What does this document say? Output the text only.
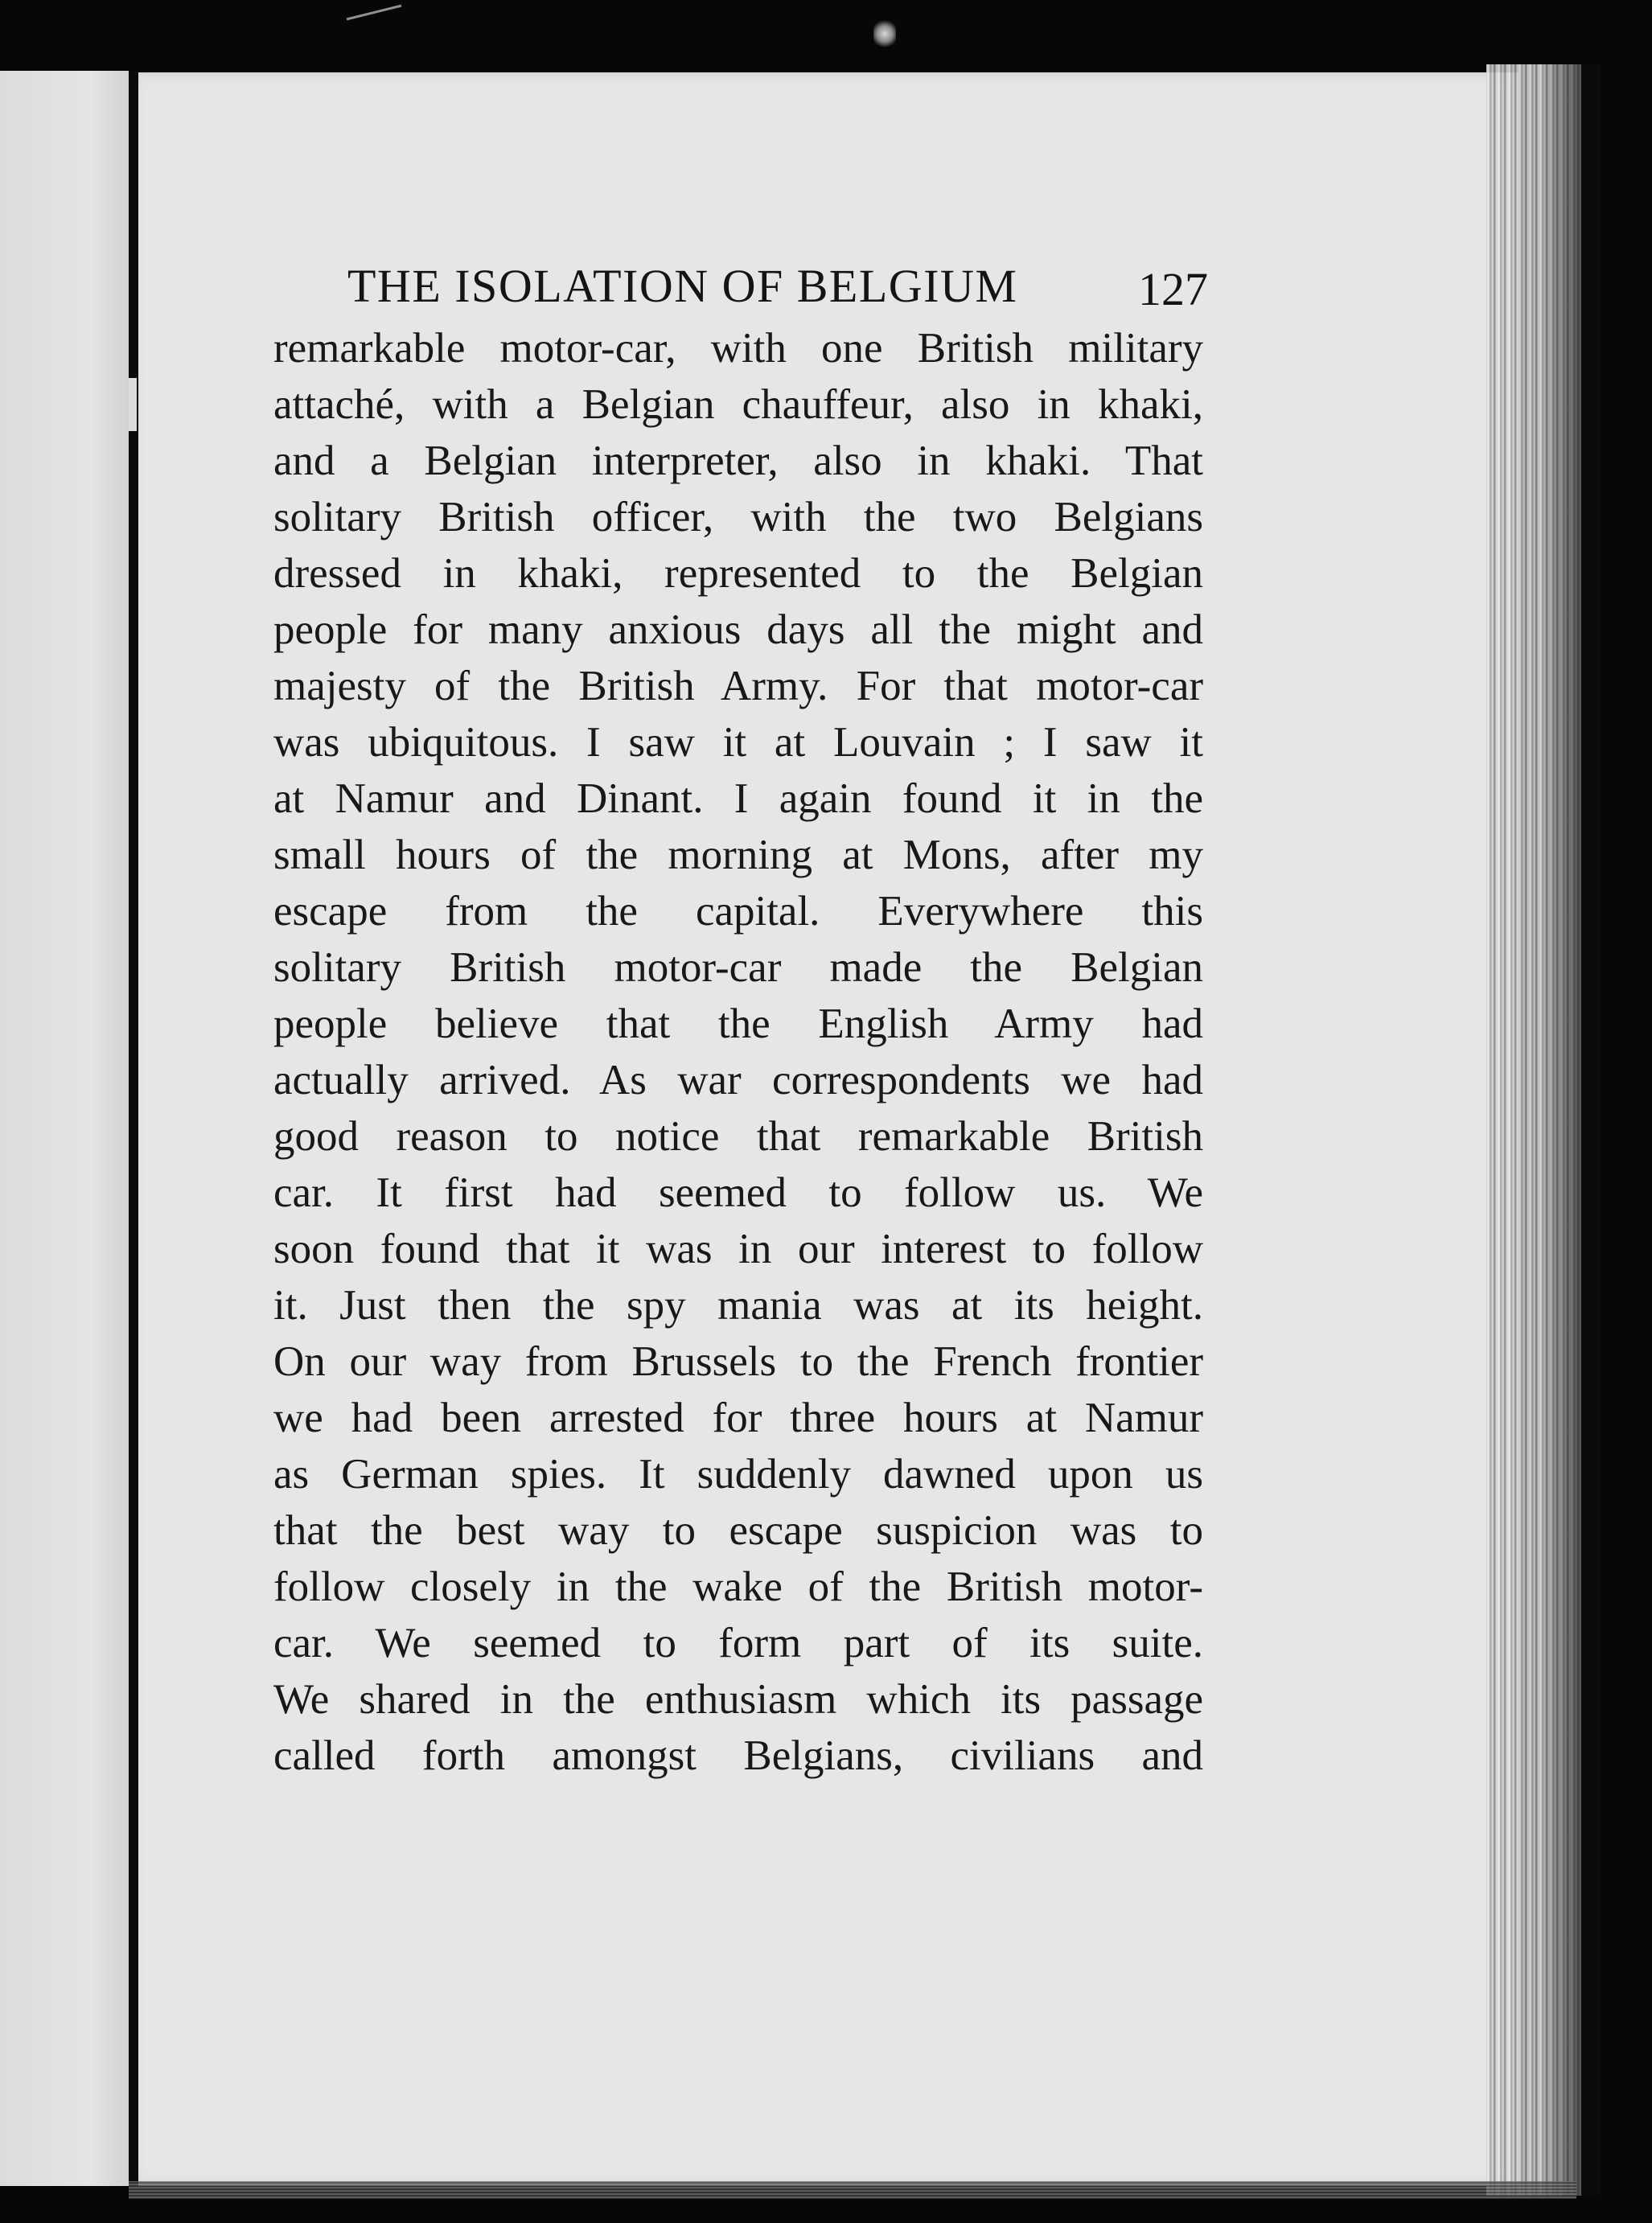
THE ISOLATION OF BELGIUM	127
remarkable motor-car, with one British military
attaché, with a Belgian chauffeur, also in khaki,
and a Belgian interpreter, also in khaki. That
solitary British officer, with the two Belgians
dressed in khaki, represented to the Belgian
people for many anxious days all the might and
majesty of the British Army. For that motor-car
was ubiquitous. I saw it at Louvain ; I saw it
at Namur and Dinant. I again found it in the
small hours of the morning at Mons, after my
escape from the capital. Everywhere this
solitary British motor-car made the Belgian
people believe that the English Army had
actually arrived. As war correspondents we had
good reason to notice that remarkable British
car. It first had seemed to follow us. We
soon found that it was in our interest to follow
it. Just then the spy mania was at its height.
On our way from Brussels to the French frontier
we had been arrested for three hours at Namur
as German spies. It suddenly dawned upon us
that the best way to escape suspicion was to
follow closely in the wake of the British motor-
car. We seemed to form part of its suite.
We shared in the enthusiasm which its passage
called forth amongst Belgians, civilians and
